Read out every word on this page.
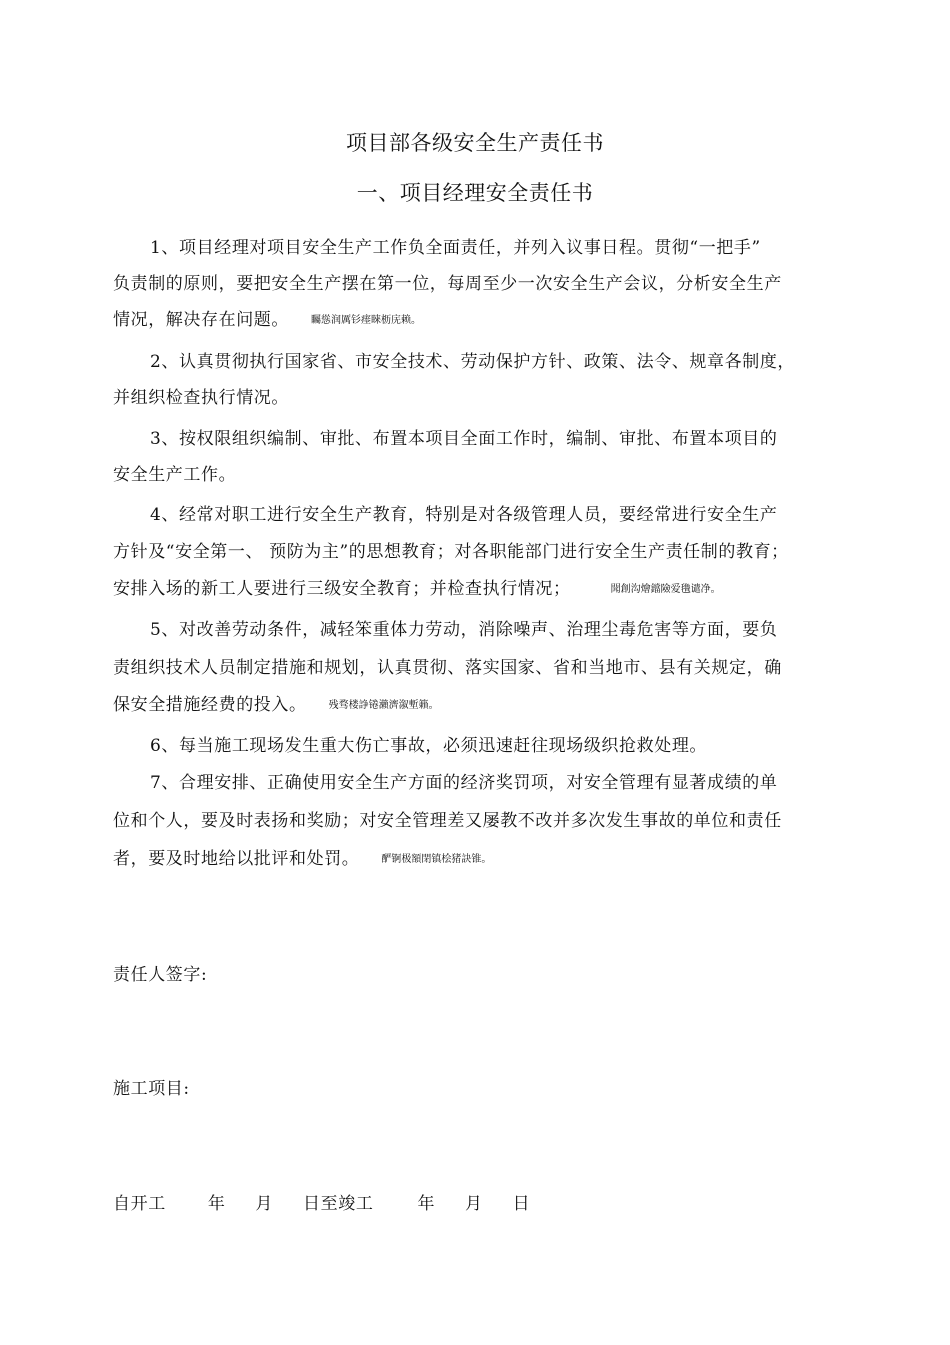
项目部各级安全生产责任书
一、项目经理安全责任书
1、项目经理对项目安全生产工作负全面责任，并列入议事日程。贯彻“一把手”
负责制的原则，要把安全生产摆在第一位，每周至少一次安全生产会议，分析安全生产
情况，解决存在问题。 矚慫润厲钐瘗睞枥庑赖。
2、认真贯彻执行国家省、市安全技术、劳动保护方针、政策、法令、规章各制度，
并组织检查执行情况。
3、按权限组织编制、审批、布置本项目全面工作时，编制、审批、布置本项目的
安全生产工作。
4、经常对职工进行安全生产教育，特别是对各级管理人员，要经常进行安全生产
方针及“安全第一、 预防为主”的思想教育；对各职能部门进行安全生产责任制的教育；
安排入场的新工人要进行三级安全教育；并检查执行情况；	聞創沟燴鐺險爱氇谴净。
5、对改善劳动条件，减轻笨重体力劳动，消除噪声、治理尘毒危害等方面，要负
责组织技术人员制定措施和规划，认真贯彻、落实国家、省和当地市、县有关规定，确
保安全措施经费的投入。 残骛楼諍锩瀨濟溆塹籟。
6、每当施工现场发生重大伤亡事故，必须迅速赶往现场级织抢救处理。
7、合理安排、正确使用安全生产方面的经济奖罚项，对安全管理有显著成绩的单
位和个人，要及时表扬和奖励；对安全管理差又屡教不改并多次发生事故的单位和责任
者，要及时地给以批评和处罚。 酽锕极額閉镇桧猪訣锥。
责任人签字:
施工项目:
自开工 年 月 日至竣工	年 月 日
